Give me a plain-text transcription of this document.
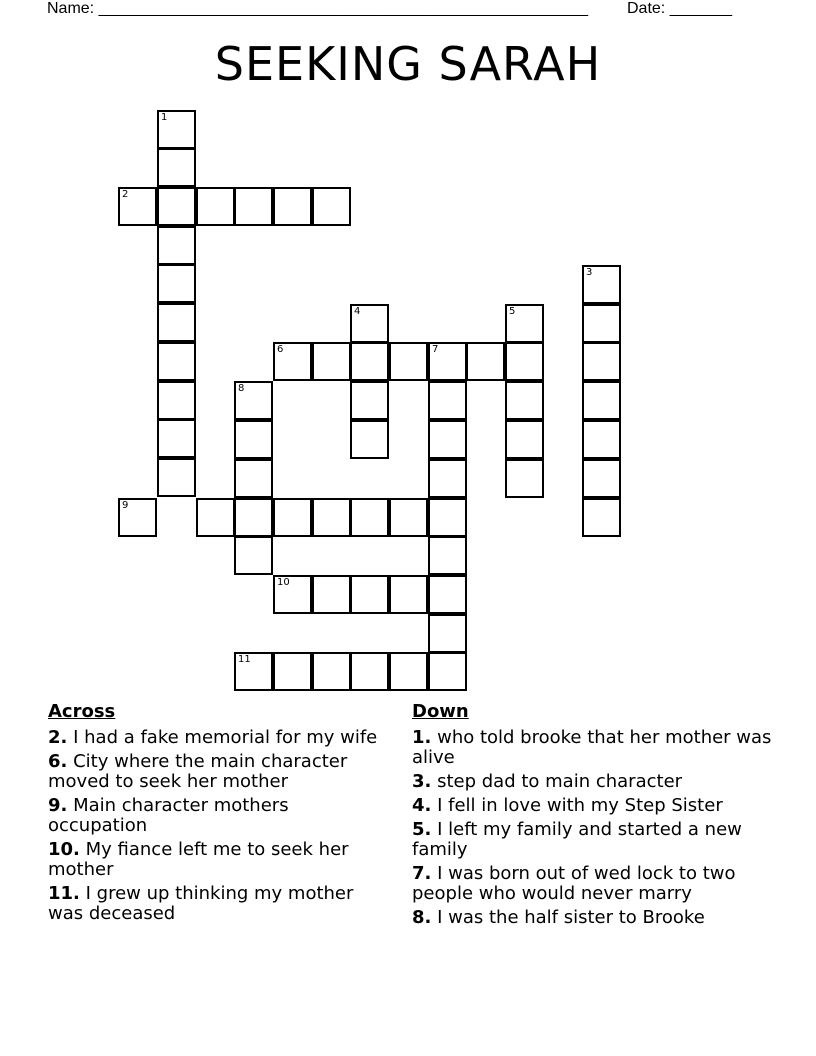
Name: _______________________________________________________ Date: _______
SEEKING SARAH
1
2
3
4	5
6	7
8
9
10
11
Across
2. I had a fake memorial for my wife
6. City where the main character moved to seek her mother
9. Main character mothers occupation
10. My fiance left me to seek her mother
11. I grew up thinking my mother was deceased
Down
1. who told brooke that her mother was alive
3. step dad to main character
4. I fell in love with my Step Sister
5. I left my family and started a new family
7. I was born out of wed lock to two people who would never marry
8. I was the half sister to Brooke
